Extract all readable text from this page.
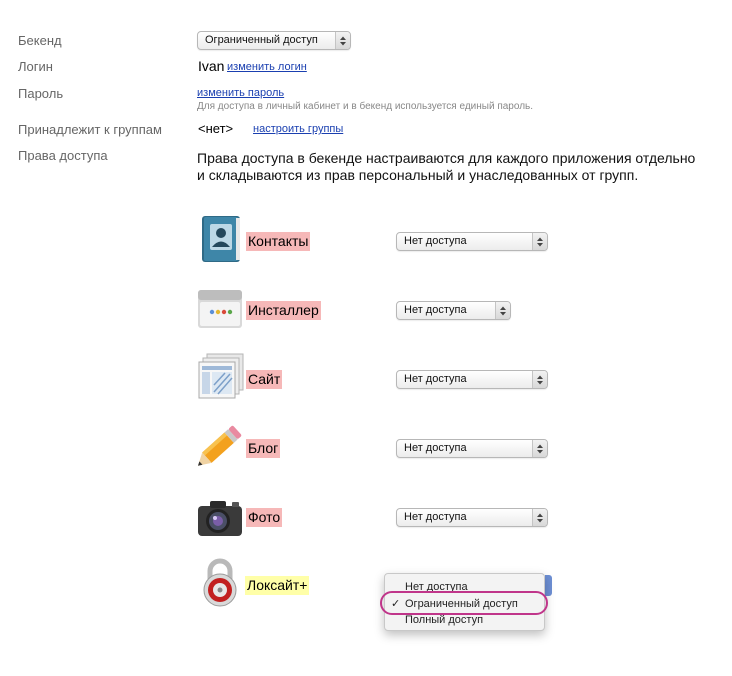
Бекенд	Ограниченный доступ
Логин	Ivan изменить логин
Пароль	изменить пароль
Для доступа в личный кабинет и в бекенд используется единый пароль.
Принадлежит к группам	<нет> настроить группы
Права доступа	Права доступа в бекенде настраиваются для каждого приложения отдельно
и складываются из прав персональный и унаследованных от групп.
Контакты	Нет доступа
Инсталлер	Нет доступа
Сайт	Нет доступа
Блог	Нет доступа
Фото	Нет доступа
Локсайт+	Нет доступа
✓ Ограниченный доступ
Полный доступ
